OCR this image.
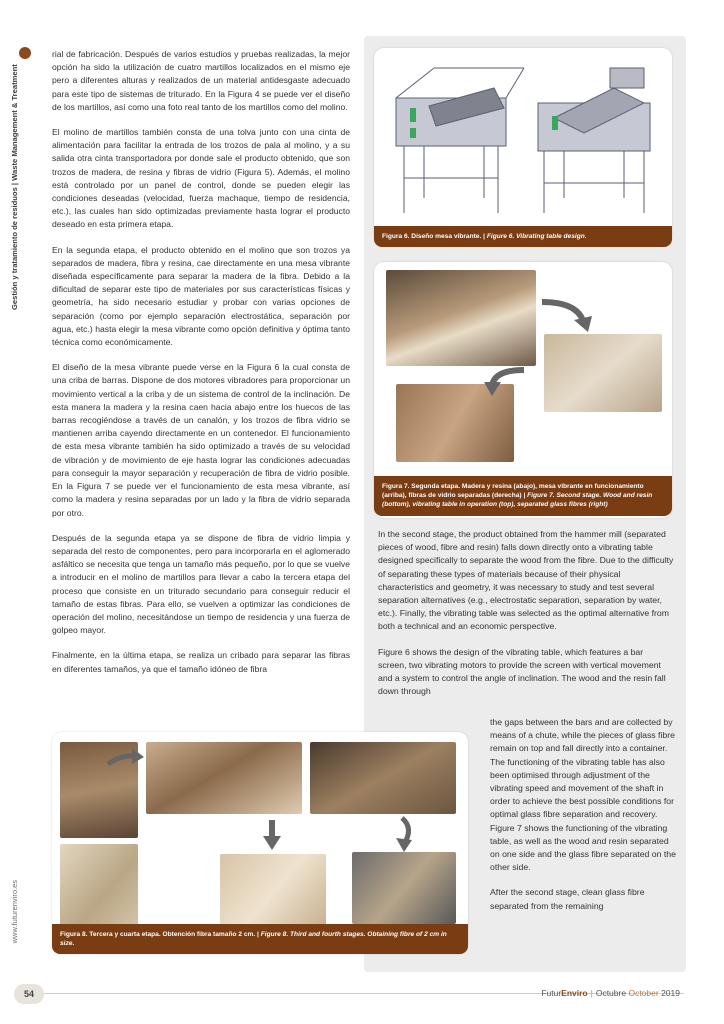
Gestión y tratamiento de residuos | Waste Management & Treatment
www.futurenviro.es

rial de fabricación. Después de varios estudios y pruebas realizadas, la mejor opción ha sido la utilización de cuatro martillos localizados en el mismo eje pero a diferentes alturas y realizados de un material antidesgaste adecuado para este tipo de sistemas de triturado. En la Figura 4 se puede ver el diseño de los martillos, así como una foto real tanto de los martillos como del molino.

El molino de martillos también consta de una tolva junto con una cinta de alimentación para facilitar la entrada de los trozos de pala al molino, y a su salida otra cinta transportadora por donde sale el producto obtenido, que son trozos de madera, de resina y fibras de vidrio (Figura 5). Además, el molino está controlado por un panel de control, donde se pueden elegir las condiciones deseadas (velocidad, fuerza machaque, tiempo de residencia, etc.), las cuales han sido optimizadas previamente hasta lograr el producto deseado en esta primera etapa.

En la segunda etapa, el producto obtenido en el molino que son trozos ya separados de madera, fibra y resina, cae directamente en una mesa vibrante diseñada específicamente para separar la madera de la fibra. Debido a la dificultad de separar este tipo de materiales por sus características físicas y geometría, ha sido necesario estudiar y probar con varias opciones de separación (como por ejemplo separación electrostática, separación por agua, etc.) hasta elegir la mesa vibrante como opción definitiva y óptima tanto técnica como económicamente.

El diseño de la mesa vibrante puede verse en la Figura 6 la cual consta de una criba de barras. Dispone de dos motores vibradores para proporcionar un movimiento vertical a la criba y de un sistema de control de la inclinación. De esta manera la madera y la resina caen hacia abajo entre los huecos de las barras recogiéndose a través de un canalón, y los trozos de fibra vidrio se mantienen arriba cayendo directamente en un contenedor. El funcionamiento de esta mesa vibrante también ha sido optimizado a través de su velocidad de vibración y de movimiento de eje hasta lograr las condiciones adecuadas para conseguir la mayor separación y recuperación de fibra de vidrio posible. En la Figura 7 se puede ver el funcionamiento de esta mesa vibrante, así como la madera y resina separadas por un lado y la fibra de vidrio separada por otro.

Después de la segunda etapa ya se dispone de fibra de vidrio limpia y separada del resto de componentes, pero para incorporarla en el aglomerado asfáltico se necesita que tenga un tamaño más pequeño, por lo que se vuelve a introducir en el molino de martillos para llevar a cabo la tercera etapa del proceso que consiste en un triturado secundario para conseguir reducir el tamaño de estas fibras. Para ello, se vuelven a optimizar las condiciones de operación del molino, necesitándose un tiempo de residencia y una fuerza de golpeo mayor.

Finalmente, en la última etapa, se realiza un cribado para separar las fibras en diferentes tamaños, ya que el tamaño idóneo de fibra

Figura 6. Diseño mesa vibrante. | Figure 6. Vibrating table design.
Figura 7. Segunda etapa. Madera y resina (abajo), mesa vibrante en funcionamiento (arriba), fibras de vidrio separadas (derecha) | Figure 7. Second stage. Wood and resin (bottom), vibrating table in operation (top), separated glass fibres (right)

In the second stage, the product obtained from the hammer mill (separated pieces of wood, fibre and resin) falls down directly onto a vibrating table designed specifically to separate the wood from the fibre. Due to the difficulty of separating these types of materials because of their physical characteristics and geometry, it was necessary to study and test several separation alternatives (e.g., electrostatic separation, separation by water, etc.). Finally, the vibrating table was selected as the optimal alternative from both a technical and an economic perspective.

Figure 6 shows the design of the vibrating table, which features a bar screen, two vibrating motors to provide the screen with vertical movement and a system to control the angle of inclination. The wood and the resin fall down through

the gaps between the bars and are collected by means of a chute, while the pieces of glass fibre remain on top and fall directly into a container. The functioning of the vibrating table has also been optimised through adjustment of the vibrating speed and movement of the shaft in order to achieve the best possible conditions for optimal glass fibre separation and recovery. Figure 7 shows the functioning of the vibrating table, as well as the wood and resin separated on one side and the glass fibre separated on the other side.

After the second stage, clean glass fibre separated from the remaining

Figura 8. Tercera y cuarta etapa. Obtención fibra tamaño 2 cm. | Figure 8. Third and fourth stages. Obtaining fibre of 2 cm in size.
54	FuturEnviro | Octubre October 2019
